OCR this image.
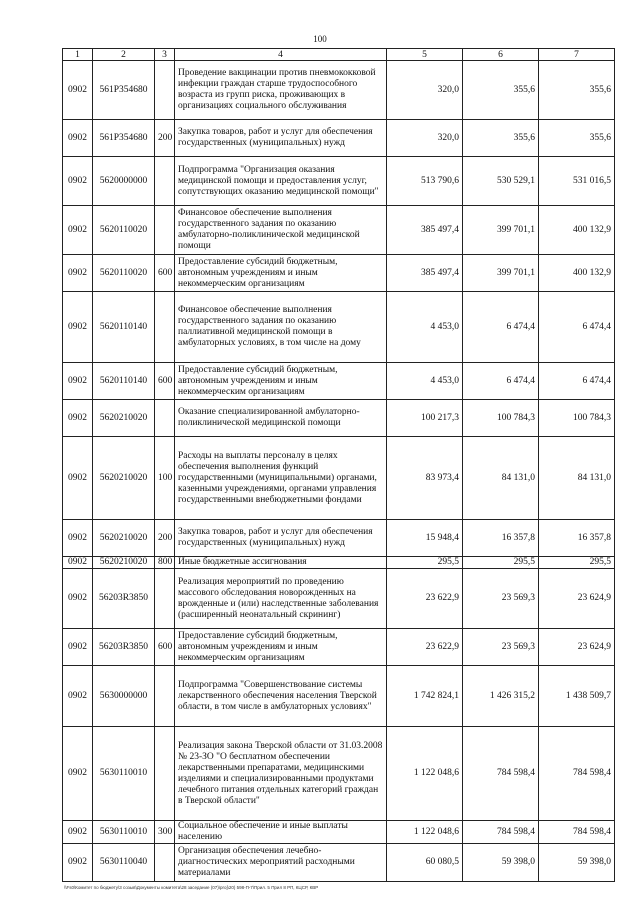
100
1	2	3	4	5	6	7
0902	561P354680		Проведение вакцинации против пневмококковой инфекции граждан старше трудоспособного возраста из групп риска, проживающих в организациях социального обслуживания	320,0	355,6	355,6
0902	561P354680	200	Закупка товаров, работ и услуг для обеспечения государственных (муниципальных) нужд	320,0	355,6	355,6
0902	5620000000		Подпрограмма "Организация оказания медицинской помощи и предоставления услуг, сопутствующих оказанию медицинской помощи"	513 790,6	530 529,1	531 016,5
0902	5620110020		Финансовое обеспечение выполнения государственного задания по оказанию амбулаторно-поликлинической медицинской помощи	385 497,4	399 701,1	400 132,9
0902	5620110020	600	Предоставление субсидий бюджетным, автономным учреждениям и иным некоммерческим организациям	385 497,4	399 701,1	400 132,9
0902	5620110140		Финансовое обеспечение выполнения государственного задания по оказанию паллиативной медицинской помощи в амбулаторных условиях, в том числе на дому	4 453,0	6 474,4	6 474,4
0902	5620110140	600	Предоставление субсидий бюджетным, автономным учреждениям и иным некоммерческим организациям	4 453,0	6 474,4	6 474,4
0902	5620210020		Оказание специализированной амбулаторно-поликлинической медицинской помощи	100 217,3	100 784,3	100 784,3
0902	5620210020	100	Расходы на выплаты персоналу в целях обеспечения выполнения функций государственными (муниципальными) органами, казенными учреждениями, органами управления государственными внебюджетными фондами	83 973,4	84 131,0	84 131,0
0902	5620210020	200	Закупка товаров, работ и услуг для обеспечения государственных (муниципальных) нужд	15 948,4	16 357,8	16 357,8
0902	5620210020	800	Иные бюджетные ассигнования	295,5	295,5	295,5
0902	56203R3850		Реализация мероприятий по проведению массового обследования новорожденных на врожденные и (или) наследственные заболевания (расширенный неонатальный скрининг)	23 622,9	23 569,3	23 624,9
0902	56203R3850	600	Предоставление субсидий бюджетным, автономным учреждениям и иным некоммерческим организациям	23 622,9	23 569,3	23 624,9
0902	5630000000		Подпрограмма "Совершенствование системы лекарственного обеспечения населения Тверской области, в том числе в амбулаторных условиях"	1 742 824,1	1 426 315,2	1 438 509,7
0902	5630110010		Реализация закона Тверской области от 31.03.2008 № 23-ЗО "О бесплатном обеспечении лекарственными препаратами, медицинскими изделиями и специализированными продуктами лечебного питания отдельных категорий граждан в Тверской области"	1 122 048,6	784 598,4	784 598,4
0902	5630110010	300	Социальное обеспечение и иные выплаты населению	1 122 048,6	784 598,4	784 598,4
0902	5630110040		Организация обеспечения лечебно-диагностических мероприятий расходными материалами	60 080,5	59 398,0	59 398,0
\\Fs0\Комитет по бюджету\3 созыв\Документы комитета\28 заседание (07)\proj\20) 598-П-7\Прил. 5 Прил 8 РП, КЦСР, КВР
